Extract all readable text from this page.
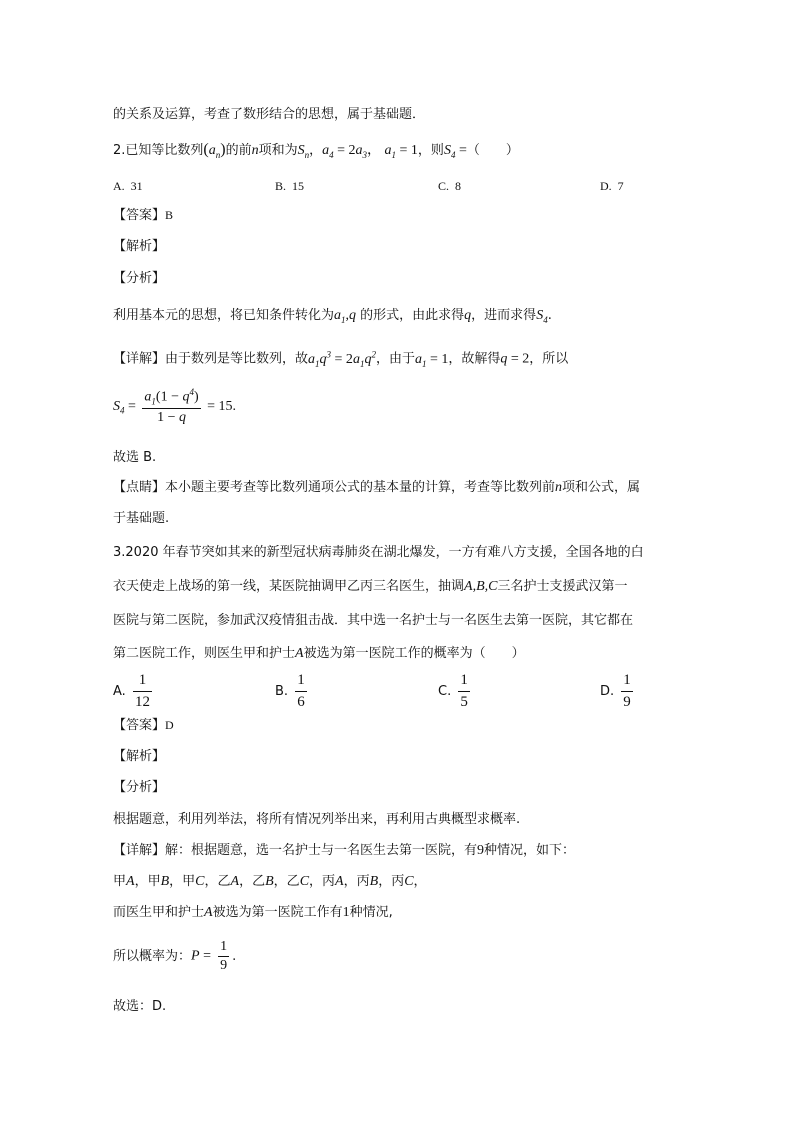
的关系及运算，考查了数形结合的思想，属于基础题．
2.已知等比数列$(a_n)$的前n项和为$S_n$，$a_4 = 2a_3$， $a_1 = 1$，则$S_4$ =（　　）
A. 31	B. 15	C. 8	D. 7
【答案】B
【解析】
【分析】
利用基本元的思想，将已知条件转化为$a_1,q$ 的形式，由此求得q，进而求得$S_4$.
【详解】由于数列是等比数列，故$a_1q^3 = 2a_1q^2$，由于$a_1 = 1$，故解得q = 2，所以
$S_4 = \frac{a_1(1 - q^4)}{1 - q} = 15$.
故选 B.
【点睛】本小题主要考查等比数列通项公式的基本量的计算，考查等比数列前n项和公式，属
于基础题.
3.2020 年春节突如其来的新型冠状病毒肺炎在湖北爆发，一方有难八方支援，全国各地的白
衣天使走上战场的第一线，某医院抽调甲乙丙三名医生，抽调A,B,C三名护士支援武汉第一
医院与第二医院，参加武汉疫情狙击战．其中选一名护士与一名医生去第一医院，其它都在
第二医院工作，则医生甲和护士A被选为第一医院工作的概率为（　　）
A. $\frac{1}{12}$	B. $\frac{1}{6}$	C. $\frac{1}{5}$	D. $\frac{1}{9}$
【答案】D
【解析】
【分析】
根据题意，利用列举法，将所有情况列举出来，再利用古典概型求概率.
【详解】解：根据题意，选一名护士与一名医生去第一医院，有9种情况，如下：
甲A，甲B，甲C，乙A，乙B，乙C，丙A，丙B，丙C，
而医生甲和护士A被选为第一医院工作有1种情况,
所以概率为：$P = \frac{1}{9}$ .
故选：D.
